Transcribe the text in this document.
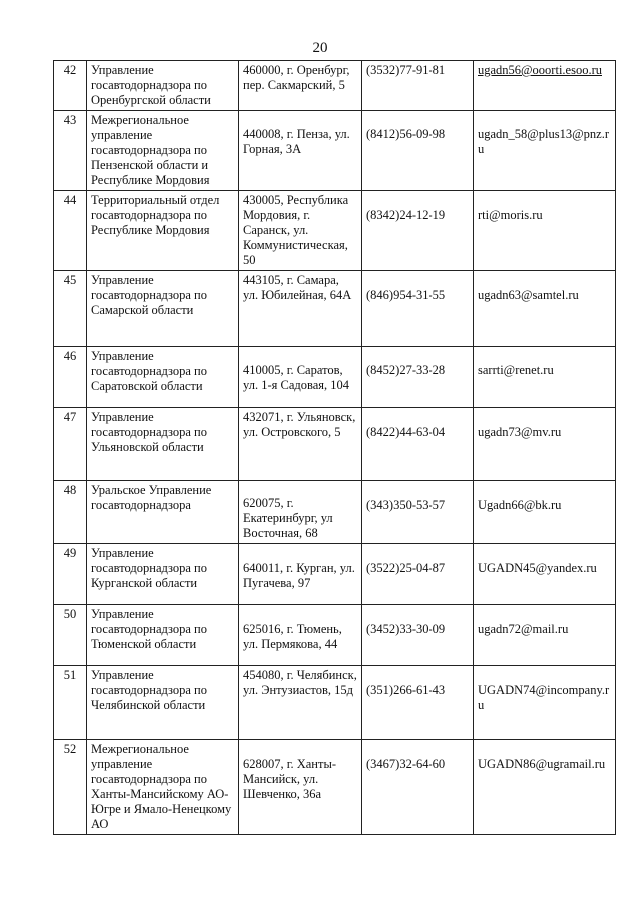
20
42	Управление госавтодорнадзора по Оренбургской области	460000, г. Оренбург, пер. Сакмарский, 5	(3532)77-91-81	ugadn56@ooorti.esoo.ru

43	Межрегиональное управление госавтодорнадзора по Пензенской области и Республике Мордовия	440008, г. Пенза, ул. Горная, 3А	(8412)56-09-98	ugadn_58@plus13@pnz.ru

44	Территориальный отдел госавтодорнадзора по Республике Мордовия	430005, Республика Мордовия, г. Саранск, ул. Коммунистическая, 50	(8342)24-12-19	rti@moris.ru

45	Управление госавтодорнадзора по Самарской области	443105, г. Самара, ул. Юбилейная, 64А	(846)954-31-55	ugadn63@samtel.ru

46	Управление госавтодорнадзора по Саратовской области	410005, г. Саратов, ул. 1-я Садовая, 104	(8452)27-33-28	sarrti@renet.ru

47	Управление госавтодорнадзора по Ульяновской области	432071, г. Ульяновск, ул. Островского, 5	(8422)44-63-04	ugadn73@mv.ru

48	Уральское Управление госавтодорнадзора	620075, г. Екатеринбург, ул Восточная, 68	(343)350-53-57	Ugadn66@bk.ru

49	Управление госавтодорнадзора по Курганской области	640011, г. Курган, ул. Пугачева, 97	(3522)25-04-87	UGADN45@yandex.ru

50	Управление госавтодорнадзора по Тюменской области	625016, г. Тюмень, ул. Пермякова, 44	(3452)33-30-09	ugadn72@mail.ru

51	Управление госавтодорнадзора по Челябинской области	454080, г. Челябинск, ул. Энтузиастов, 15д	(351)266-61-43	UGADN74@incompany.ru

52	Межрегиональное управление госавтодорнадзора по Ханты-Мансийскому АО- Югре и Ямало-Ненецкому АО	628007, г. Ханты-Мансийск, ул. Шевченко, 36а	(3467)32-64-60	UGADN86@ugramail.ru
